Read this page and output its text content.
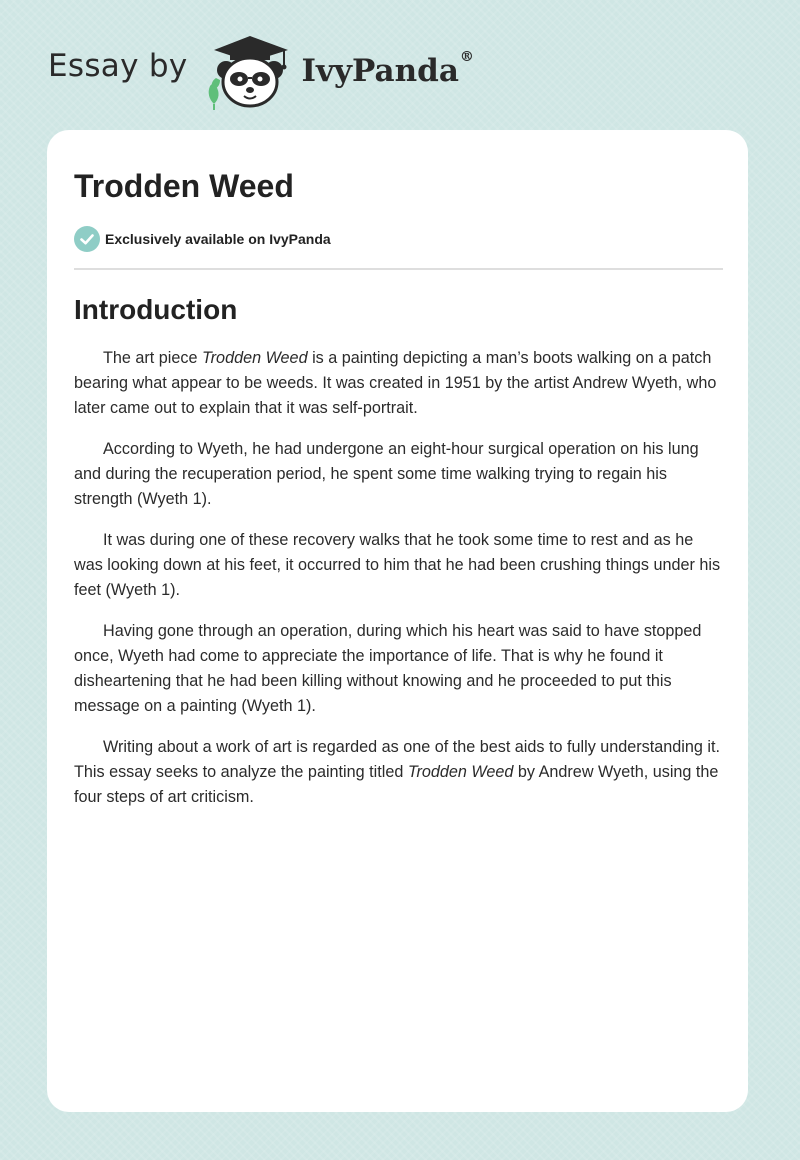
Essay by	IvyPanda®
Trodden Weed
Exclusively available on IvyPanda
Introduction

The art piece Trodden Weed is a painting depicting a man’s boots walking on a patch bearing what appear to be weeds. It was created in 1951 by the artist Andrew Wyeth, who later came out to explain that it was self-portrait.

According to Wyeth, he had undergone an eight-hour surgical operation on his lung and during the recuperation period, he spent some time walking trying to regain his strength (Wyeth 1).

It was during one of these recovery walks that he took some time to rest and as he was looking down at his feet, it occurred to him that he had been crushing things under his feet (Wyeth 1).

Having gone through an operation, during which his heart was said to have stopped once, Wyeth had come to appreciate the importance of life. That is why he found it disheartening that he had been killing without knowing and he proceeded to put this message on a painting (Wyeth 1).

Writing about a work of art is regarded as one of the best aids to fully understanding it. This essay seeks to analyze the painting titled Trodden Weed by Andrew Wyeth, using the four steps of art criticism.
